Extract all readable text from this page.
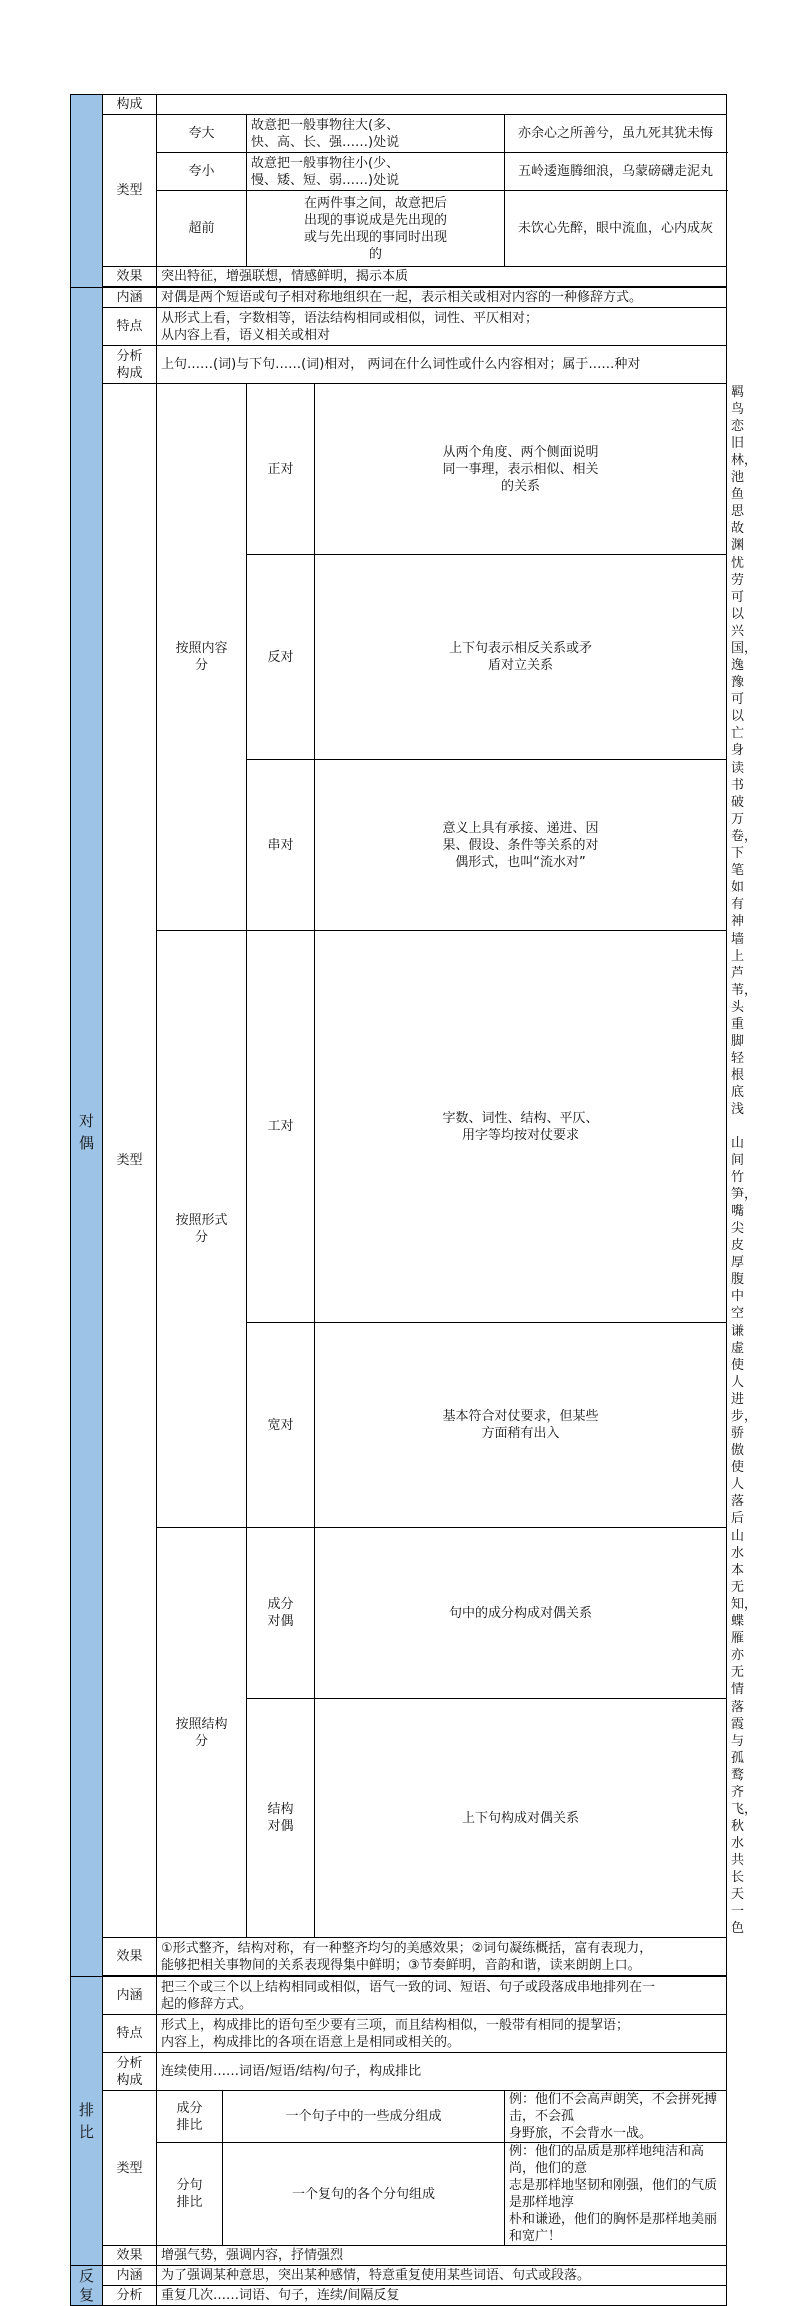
	构成						
	类型	夸大		故意把一般事物往大(多、
快、高、长、强……)处说		亦余心之所善兮，虽九死其犹未悔	
		夸小		故意把一般事物往小(少、
慢、矮、短、弱……)处说		五岭逶迤腾细浪，乌蒙磅礴走泥丸	
		超前		在两件事之间，故意把后
出现的事说成是先出现的
或与先出现的事同时出现
的		未饮心先醉，眼中流血，心内成灰	
	效果	突出特征，增强联想，情感鲜明，揭示本质					

对
偶	内涵	对偶是两个短语或句子相对称地组织在一起，表示相关或相对内容的一种修辞方式。					
	特点	从形式上看，字数相等，语法结构相同或相似，词性、平仄相对；
从内容上看，语义相关或相对					

	分析
构成	上句……(词)与下句……(词)相对， 两词在什么词性或什么内容相对；属于……种对					
	类型	按照内容
分		正对	从两个角度、两个侧面说明
同一事理，表示相似、相关
的关系		羁鸟恋旧林，池鱼思故渊
				反对	上下句表示相反关系或矛
盾对立关系		忧劳可以兴国，逸豫可以亡身
				串对	意义上具有承接、递进、因
果、假设、条件等关系的对
偶形式，也叫“流水对”		读书破万卷，下笔如有神

		按照形式
分		工对	字数、词性、结构、平仄、
用字等均按对仗要求		墙上芦苇，头重脚轻根底浅
山间竹笋，嘴尖皮厚腹中空

				宽对	基本符合对仗要求，但某些
方面稍有出入		谦虚使人进步，骄傲使人落后

		按照结构
分		成分
对偶	句中的成分构成对偶关系		山水本无知，蝶雁亦无情

				结构
对偶	上下句构成对偶关系		落霞与孤鹜齐飞，秋水共长天一色
	效果	①形式整齐，结构对称，有一种整齐均匀的美感效果；②词句凝练概括，富有表现力，
能够把相关事物间的关系表现得集中鲜明；③节奏鲜明，音韵和谐，读来朗朗上口。					

排
比	内涵	把三个或三个以上结构相同或相似，语气一致的词、短语、句子或段落成串地排列在一
起的修辞方式。					

	特点	形式上，构成排比的语句至少要有三项，而且结构相似，一般带有相同的提挈语；
内容上，构成排比的各项在语意上是相同或相关的。					

	分析
构成	连续使用……词语/短语/结构/句子，构成排比					
	类型	成分
排比	一个句子中的一些成分组成			例：他们不会高声朗笑，不会拼死搏击，不会孤
身野旅，不会背水一战。	

		分句
排比	一个复句的各个分句组成			例：他们的品质是那样地纯洁和高尚，他们的意
志是那样地坚韧和刚强，他们的气质是那样地淳
朴和谦逊，他们的胸怀是那样地美丽和宽广！	

	效果	增强气势，强调内容，抒情强烈					

反
复	内涵	为了强调某种意思，突出某种感情，特意重复使用某些词语、句式或段落。					
	分析	重复几次……词语、句子，连续/间隔反复					
